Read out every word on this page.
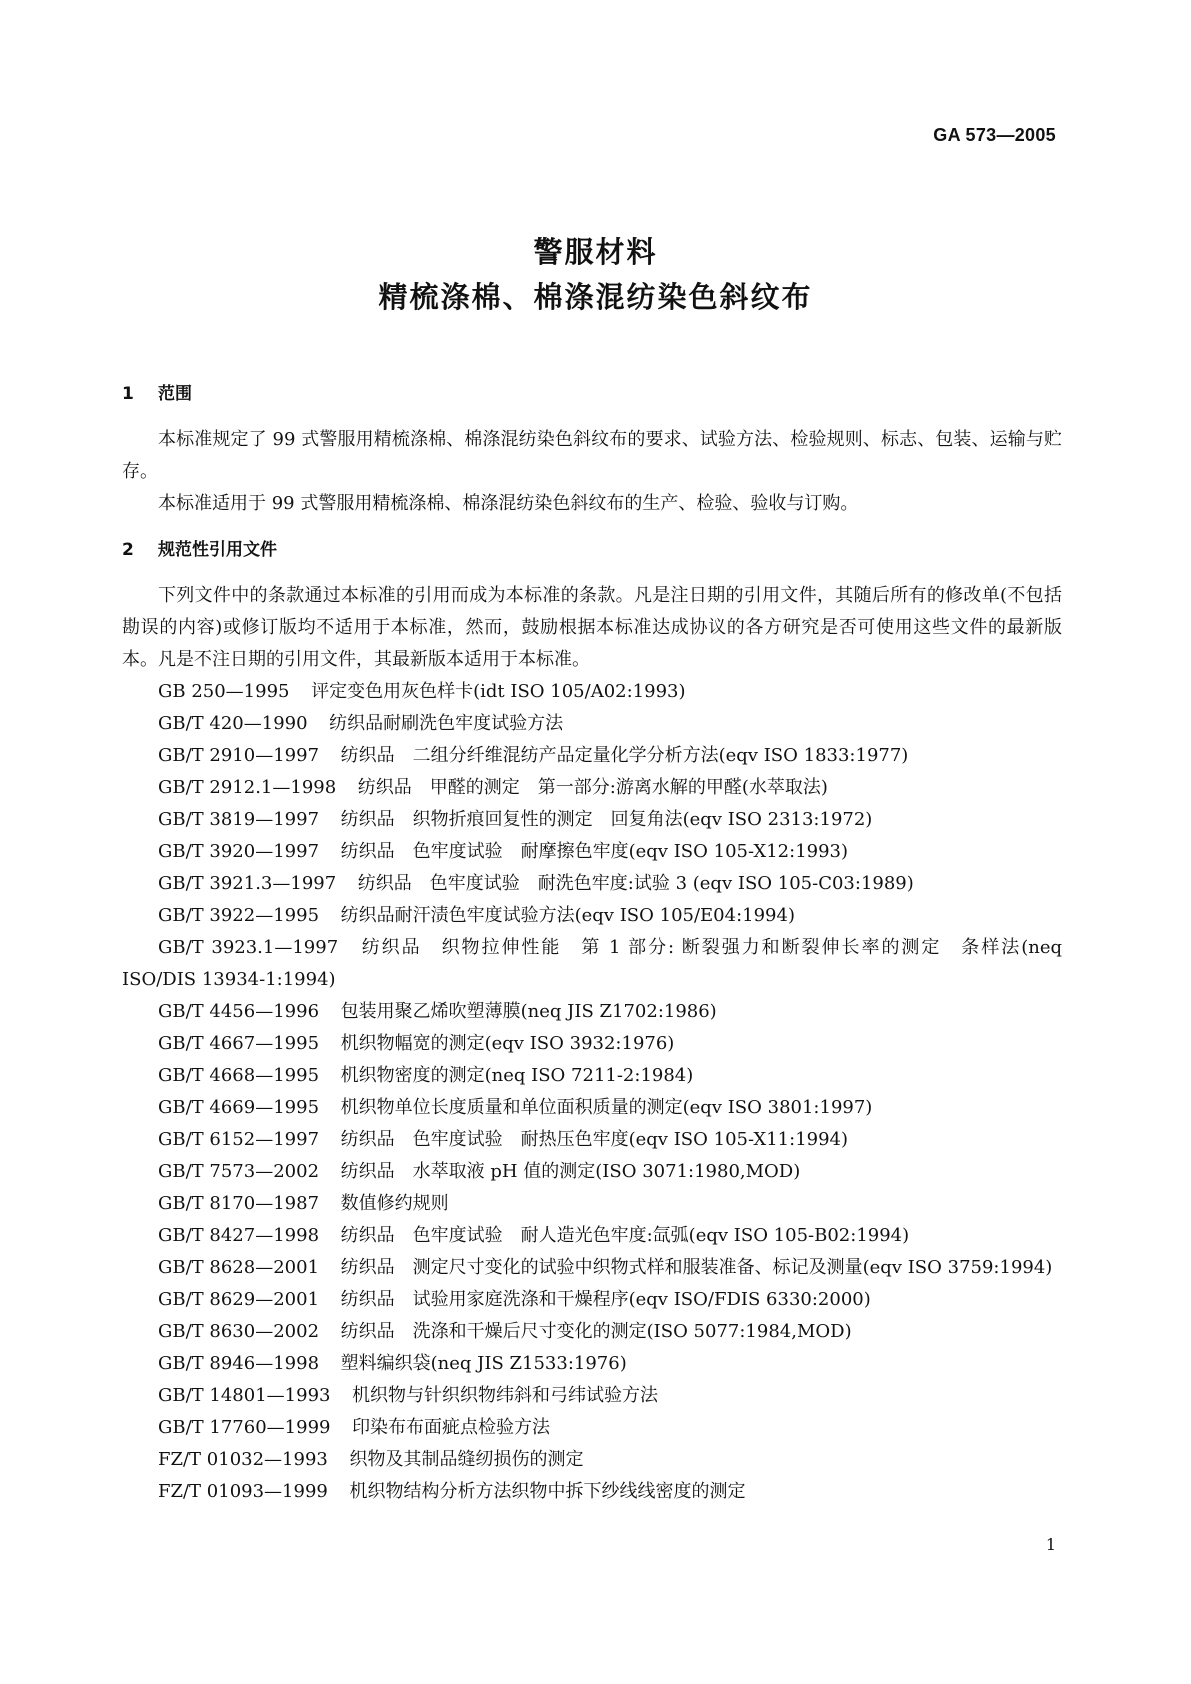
GA 573—2005
警服材料
精梳涤棉、棉涤混纺染色斜纹布

1 范围

本标准规定了 99 式警服用精梳涤棉、棉涤混纺染色斜纹布的要求、试验方法、检验规则、标志、包装、运输与贮存。

本标准适用于 99 式警服用精梳涤棉、棉涤混纺染色斜纹布的生产、检验、验收与订购。

2 规范性引用文件

下列文件中的条款通过本标准的引用而成为本标准的条款。凡是注日期的引用文件，其随后所有的修改单(不包括勘误的内容)或修订版均不适用于本标准，然而，鼓励根据本标准达成协议的各方研究是否可使用这些文件的最新版本。凡是不注日期的引用文件，其最新版本适用于本标准。

GB 250—1995 评定变色用灰色样卡(idt ISO 105/A02:1993)
GB/T 420—1990 纺织品耐刷洗色牢度试验方法
GB/T 2910—1997 纺织品　二组分纤维混纺产品定量化学分析方法(eqv ISO 1833:1977)
GB/T 2912.1—1998 纺织品　甲醛的测定　第一部分:游离水解的甲醛(水萃取法)
GB/T 3819—1997 纺织品　织物折痕回复性的测定　回复角法(eqv ISO 2313:1972)
GB/T 3920—1997 纺织品　色牢度试验　耐摩擦色牢度(eqv ISO 105-X12:1993)
GB/T 3921.3—1997 纺织品　色牢度试验　耐洗色牢度:试验 3 (eqv ISO 105-C03:1989)
GB/T 3922—1995 纺织品耐汗渍色牢度试验方法(eqv ISO 105/E04:1994)
GB/T 3923.1—1997 纺织品　织物拉伸性能　第 1 部分: 断裂强力和断裂伸长率的测定　条样法(neq ISO/DIS 13934-1:1994)
GB/T 4456—1996 包装用聚乙烯吹塑薄膜(neq JIS Z1702:1986)
GB/T 4667—1995 机织物幅宽的测定(eqv ISO 3932:1976)
GB/T 4668—1995 机织物密度的测定(neq ISO 7211-2:1984)
GB/T 4669—1995 机织物单位长度质量和单位面积质量的测定(eqv ISO 3801:1997)
GB/T 6152—1997 纺织品　色牢度试验　耐热压色牢度(eqv ISO 105-X11:1994)
GB/T 7573—2002 纺织品　水萃取液 pH 值的测定(ISO 3071:1980,MOD)
GB/T 8170—1987 数值修约规则
GB/T 8427—1998 纺织品　色牢度试验　耐人造光色牢度:氙弧(eqv ISO 105-B02:1994)
GB/T 8628—2001 纺织品　测定尺寸变化的试验中织物式样和服装准备、标记及测量(eqv ISO 3759:1994)
GB/T 8629—2001 纺织品　试验用家庭洗涤和干燥程序(eqv ISO/FDIS 6330:2000)
GB/T 8630—2002 纺织品　洗涤和干燥后尺寸变化的测定(ISO 5077:1984,MOD)
GB/T 8946—1998 塑料编织袋(neq JIS Z1533:1976)
GB/T 14801—1993 机织物与针织织物纬斜和弓纬试验方法
GB/T 17760—1999 印染布布面疵点检验方法
FZ/T 01032—1993 织物及其制品缝纫损伤的测定
FZ/T 01093—1999 机织物结构分析方法织物中拆下纱线线密度的测定
1
